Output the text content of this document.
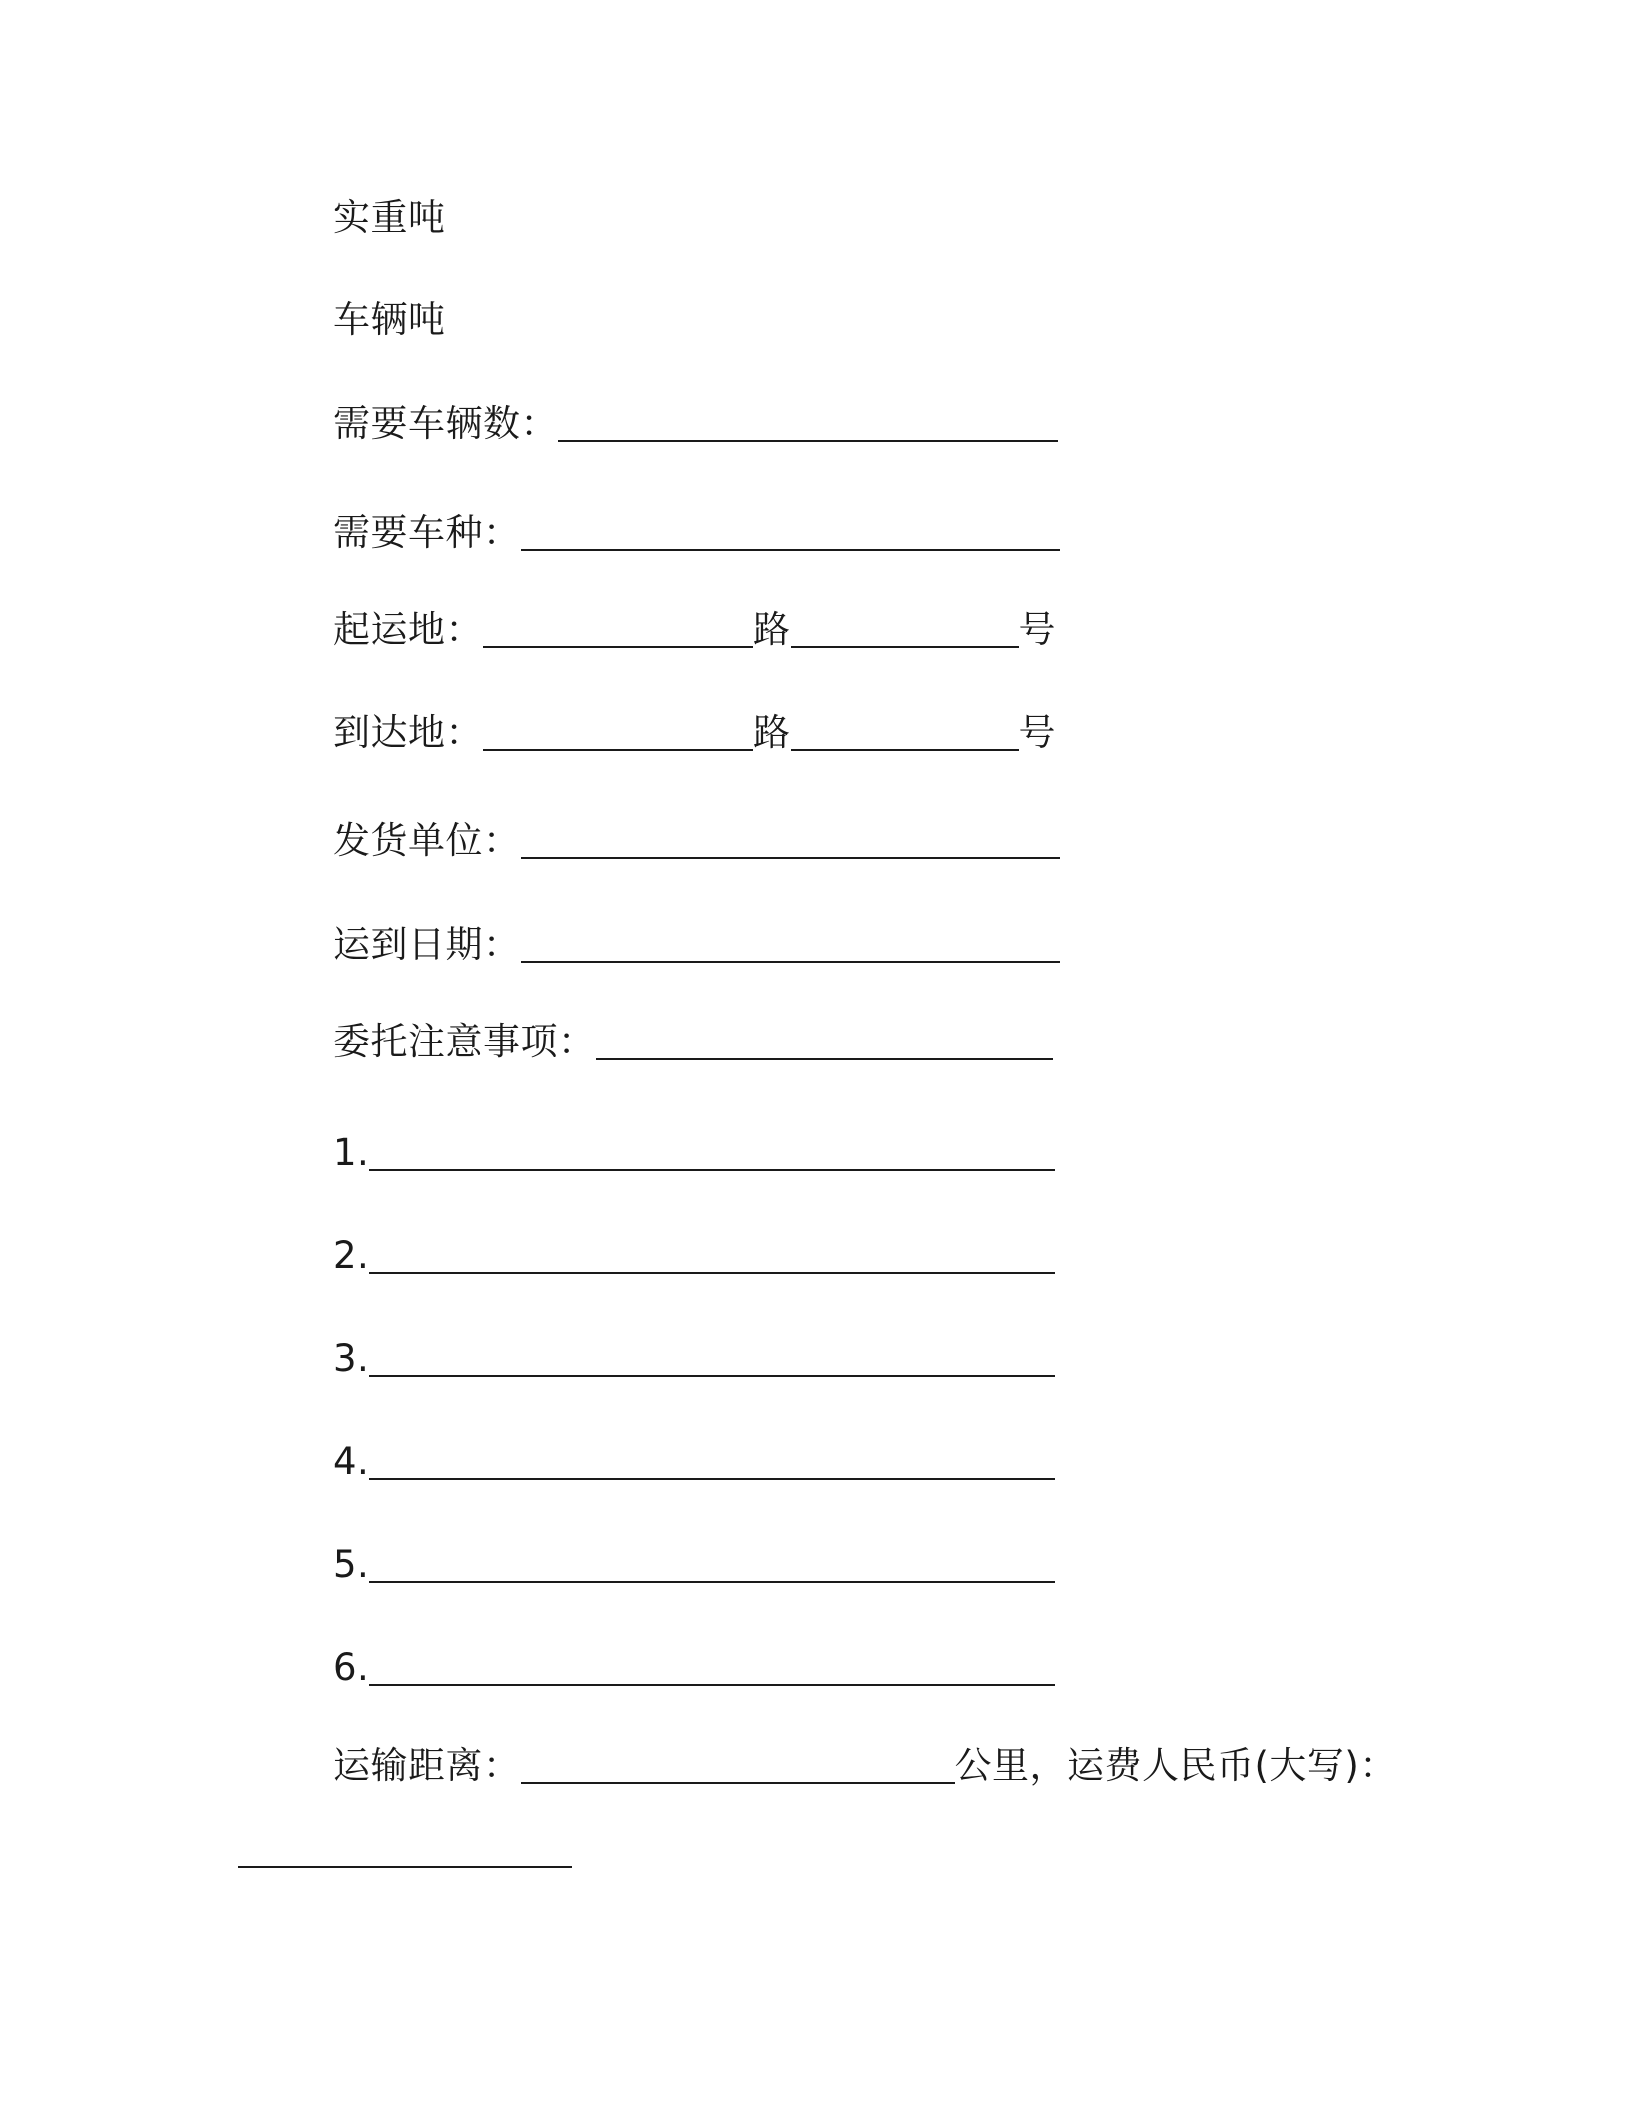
实重吨
车辆吨
需要车辆数：
需要车种：
起运地：	路	号
到达地：	路	号
发货单位：
运到日期：
委托注意事项：
1.
2.
3.
4.
5.
6.
运输距离：	公里，运费人民币(大写)：
